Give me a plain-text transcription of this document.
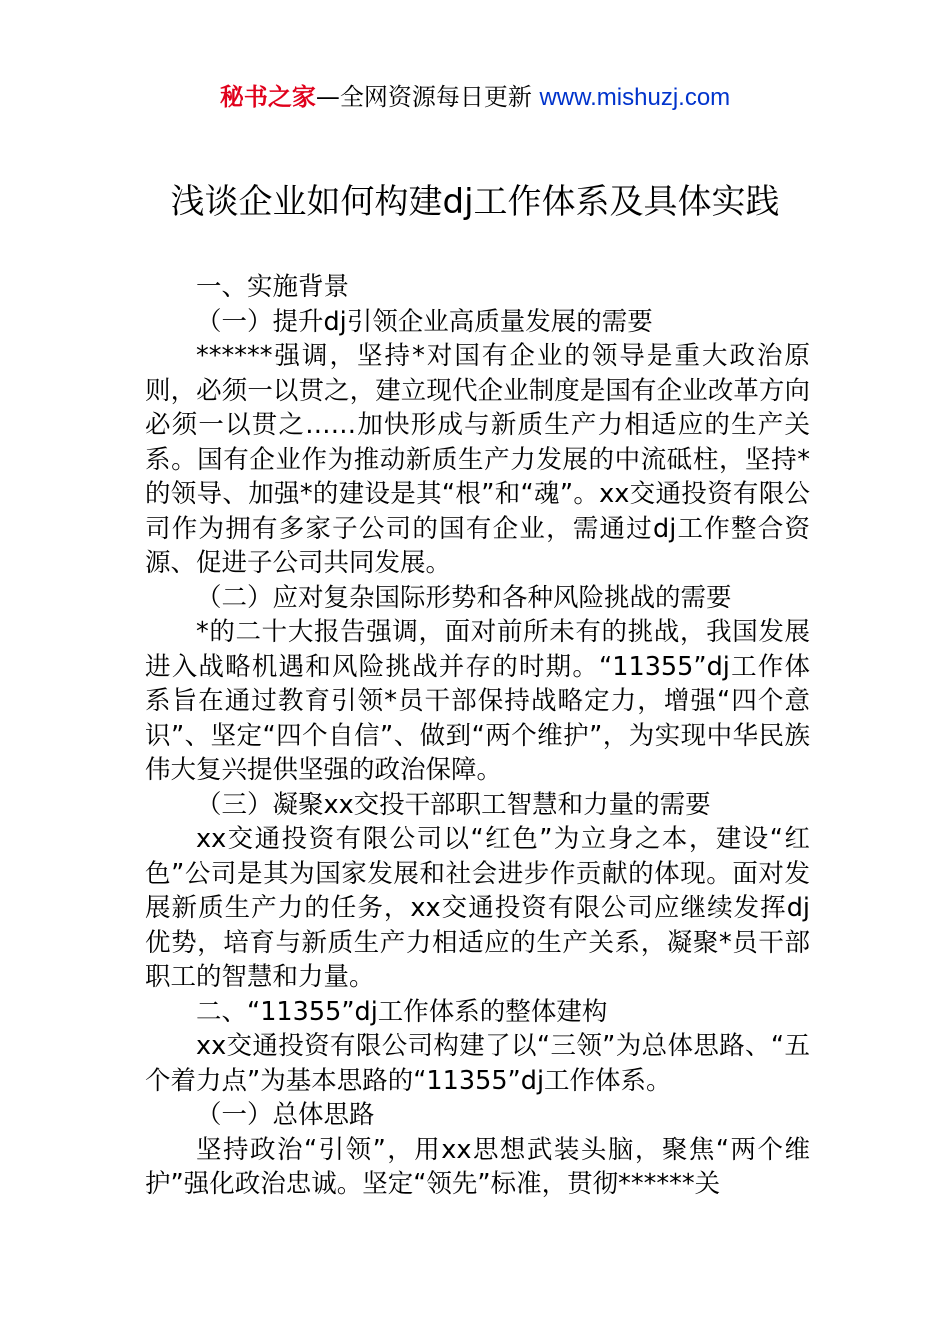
秘书之家—全网资源每日更新 www.mishuzj.com
浅谈企业如何构建dj工作体系及具体实践

一、实施背景

（一）提升dj引领企业高质量发展的需要

******强调，坚持*对国有企业的领导是重大政治原则，必须一以贯之，建立现代企业制度是国有企业改革方向必须一以贯之……加快形成与新质生产力相适应的生产关系。国有企业作为推动新质生产力发展的中流砥柱，坚持*的领导、加强*的建设是其“根”和“魂”。xx交通投资有限公司作为拥有多家子公司的国有企业，需通过dj工作整合资源、促进子公司共同发展。

（二）应对复杂国际形势和各种风险挑战的需要

*的二十大报告强调，面对前所未有的挑战，我国发展进入战略机遇和风险挑战并存的时期。“11355”dj工作体系旨在通过教育引领*员干部保持战略定力，增强“四个意识”、坚定“四个自信”、做到“两个维护”，为实现中华民族伟大复兴提供坚强的政治保障。

（三）凝聚xx交投干部职工智慧和力量的需要

xx交通投资有限公司以“红色”为立身之本，建设“红色”公司是其为国家发展和社会进步作贡献的体现。面对发展新质生产力的任务，xx交通投资有限公司应继续发挥dj优势，培育与新质生产力相适应的生产关系，凝聚*员干部职工的智慧和力量。

二、“11355”dj工作体系的整体建构

xx交通投资有限公司构建了以“三领”为总体思路、“五个着力点”为基本思路的“11355”dj工作体系。

（一）总体思路

坚持政治“引领”，用xx思想武装头脑，聚焦“两个维护”强化政治忠诚。坚定“领先”标准，贯彻******关
